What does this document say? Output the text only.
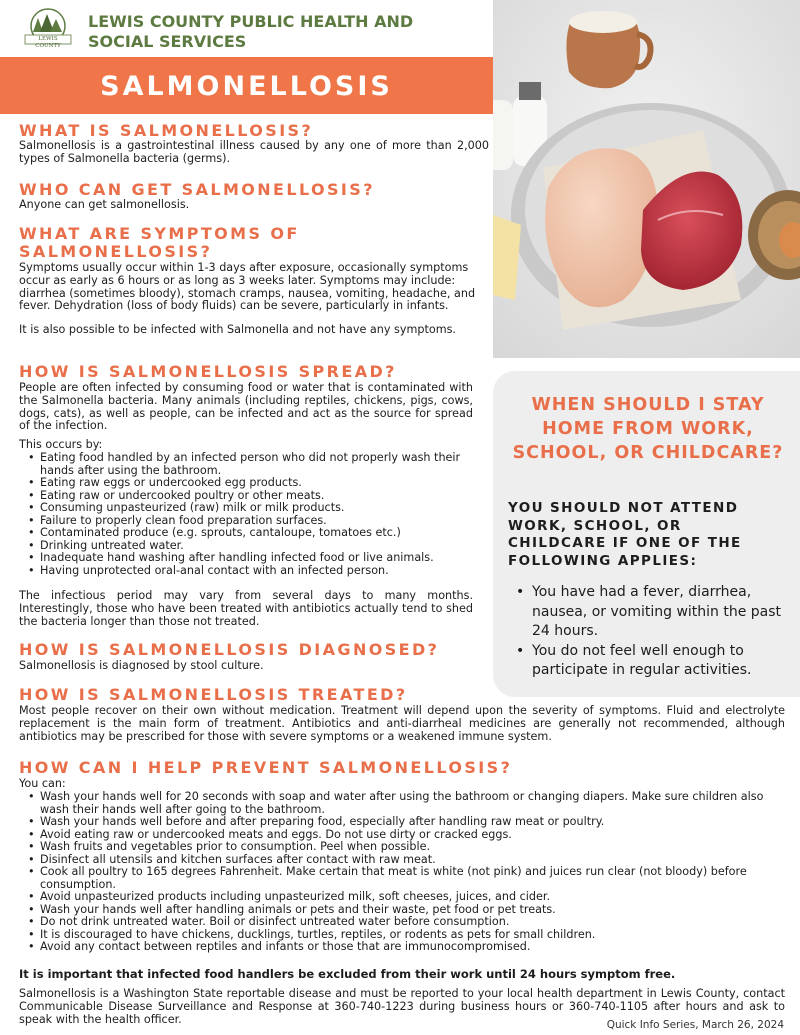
LEWIS COUNTY
LEWIS COUNTY PUBLIC HEALTH AND
SOCIAL SERVICES
SALMONELLOSIS
WHAT IS SALMONELLOSIS?
Salmonellosis is a gastrointestinal illness caused by any one of more than 2,000 types of Salmonella bacteria (germs).
WHO CAN GET SALMONELLOSIS?
Anyone can get salmonellosis.
WHAT ARE SYMPTOMS OF
SALMONELLOSIS?
Symptoms usually occur within 1-3 days after exposure, occasionally symptoms occur as early as 6 hours or as long as 3 weeks later. Symptoms may include: diarrhea (sometimes bloody), stomach cramps, nausea, vomiting, headache, and fever. Dehydration (loss of body fluids) can be severe, particularly in infants.
It is also possible to be infected with Salmonella and not have any symptoms.
HOW IS SALMONELLOSIS SPREAD?
People are often infected by consuming food or water that is contaminated with the Salmonella bacteria. Many animals (including reptiles, chickens, pigs, cows, dogs, cats), as well as people, can be infected and act as the source for spread of the infection.
This occurs by:
• Eating food handled by an infected person who did not properly wash their hands after using the bathroom.
• Eating raw eggs or undercooked egg products.
• Eating raw or undercooked poultry or other meats.
• Consuming unpasteurized (raw) milk or milk products.
• Failure to properly clean food preparation surfaces.
• Contaminated produce (e.g. sprouts, cantaloupe, tomatoes etc.)
• Drinking untreated water.
• Inadequate hand washing after handling infected food or live animals.
• Having unprotected oral-anal contact with an infected person.
The infectious period may vary from several days to many months. Interestingly, those who have been treated with antibiotics actually tend to shed the bacteria longer than those not treated.
HOW IS SALMONELLOSIS DIAGNOSED?
Salmonellosis is diagnosed by stool culture.
WHEN SHOULD I STAY HOME FROM WORK, SCHOOL, OR CHILDCARE?
YOU SHOULD NOT ATTEND WORK, SCHOOL, OR CHILDCARE IF ONE OF THE FOLLOWING APPLIES:
• You have had a fever, diarrhea, nausea, or vomiting within the past 24 hours.
• You do not feel well enough to participate in regular activities.
HOW IS SALMONELLOSIS TREATED?
Most people recover on their own without medication. Treatment will depend upon the severity of symptoms. Fluid and electrolyte replacement is the main form of treatment. Antibiotics and anti-diarrheal medicines are generally not recommended, although antibiotics may be prescribed for those with severe symptoms or a weakened immune system.
HOW CAN I HELP PREVENT SALMONELLOSIS?
You can:
• Wash your hands well for 20 seconds with soap and water after using the bathroom or changing diapers. Make sure children also wash their hands well after going to the bathroom.
• Wash your hands well before and after preparing food, especially after handling raw meat or poultry.
• Avoid eating raw or undercooked meats and eggs. Do not use dirty or cracked eggs.
• Wash fruits and vegetables prior to consumption. Peel when possible.
• Disinfect all utensils and kitchen surfaces after contact with raw meat.
• Cook all poultry to 165 degrees Fahrenheit. Make certain that meat is white (not pink) and juices run clear (not bloody) before consumption.
• Avoid unpasteurized products including unpasteurized milk, soft cheeses, juices, and cider.
• Wash your hands well after handling animals or pets and their waste, pet food or pet treats.
• Do not drink untreated water. Boil or disinfect untreated water before consumption.
• It is discouraged to have chickens, ducklings, turtles, reptiles, or rodents as pets for small children.
• Avoid any contact between reptiles and infants or those that are immunocompromised.
It is important that infected food handlers be excluded from their work until 24 hours symptom free.
Salmonellosis is a Washington State reportable disease and must be reported to your local health department in Lewis County, contact Communicable Disease Surveillance and Response at 360-740-1223 during business hours or 360-740-1105 after hours and ask to speak with the health officer.	Quick Info Series, March 26, 2024
